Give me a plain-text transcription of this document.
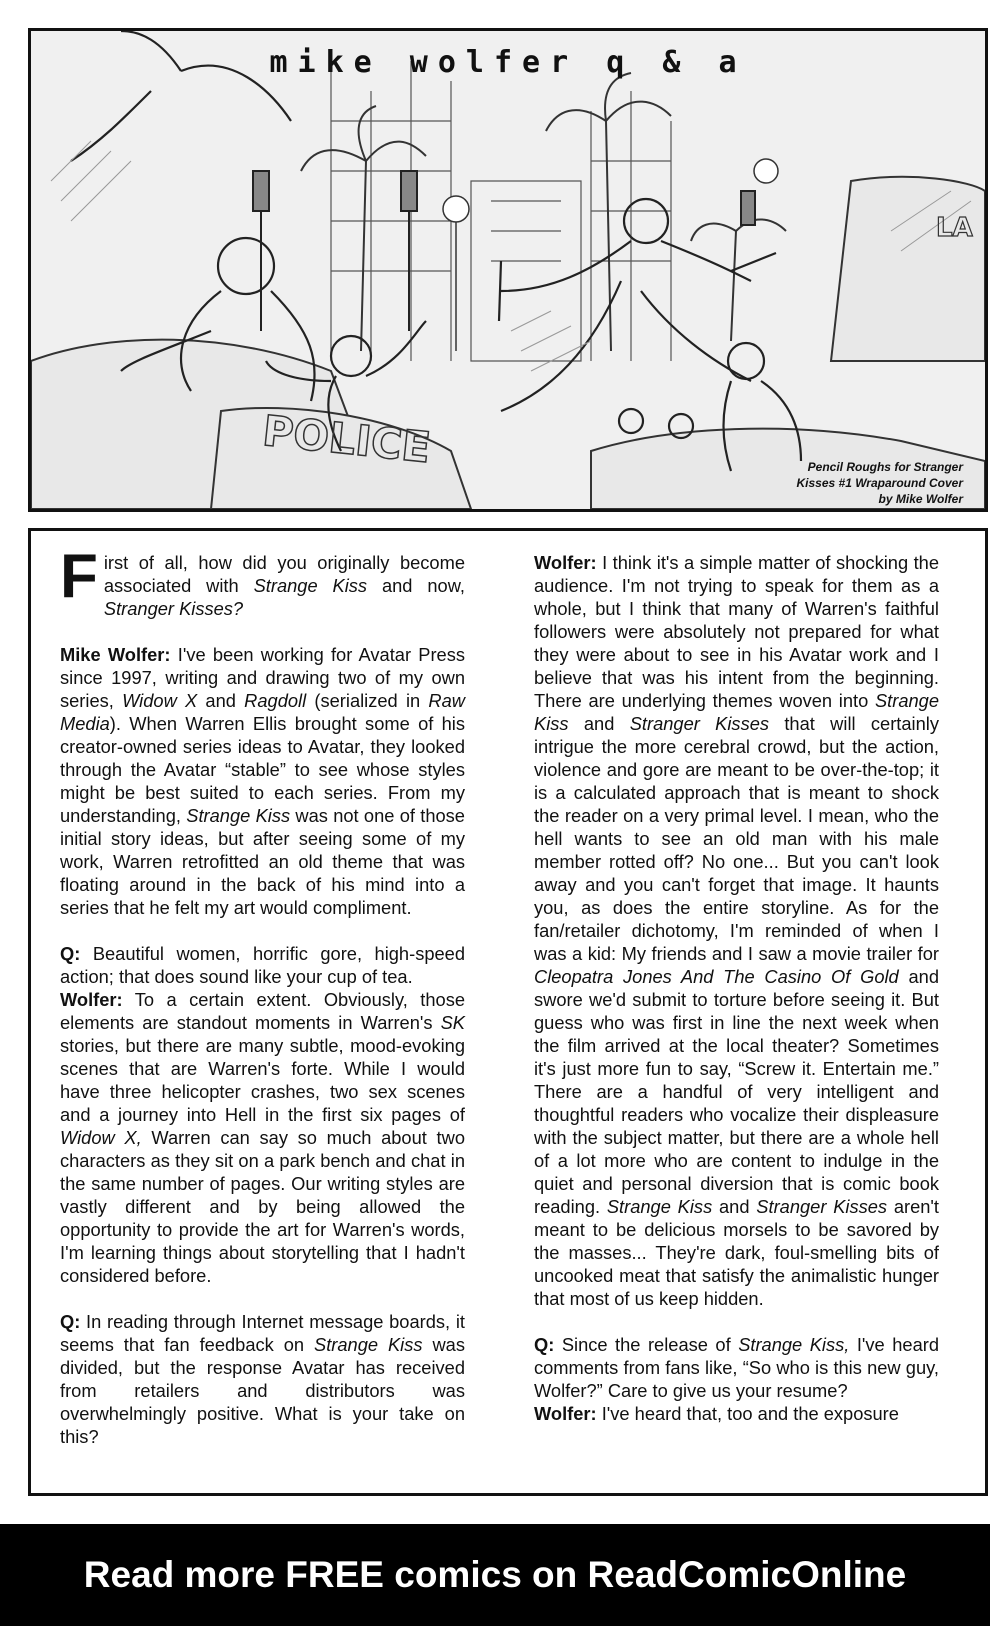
POLICE
LA
mike wolfer q & a
Pencil Roughs for Stranger
Kisses #1 Wraparound Cover
by Mike Wolfer

First of all, how did you originally become associated with Strange Kiss and now, Stranger Kisses?

Mike Wolfer: I've been working for Avatar Press since 1997, writing and drawing two of my own series, Widow X and Ragdoll (serialized in Raw Media). When Warren Ellis brought some of his creator-owned series ideas to Avatar, they looked through the Avatar “stable” to see whose styles might be best suited to each series. From my understanding, Strange Kiss was not one of those initial story ideas, but after seeing some of my work, Warren retrofitted an old theme that was floating around in the back of his mind into a series that he felt my art would compliment.

Q: Beautiful women, horrific gore, high-speed action; that does sound like your cup of tea.

Wolfer: To a certain extent. Obviously, those elements are standout moments in Warren's SK stories, but there are many subtle, mood-evoking scenes that are Warren's forte. While I would have three helicopter crashes, two sex scenes and a journey into Hell in the first six pages of Widow X, Warren can say so much about two characters as they sit on a park bench and chat in the same number of pages. Our writing styles are vastly different and by being allowed the opportunity to provide the art for Warren's words, I'm learning things about storytelling that I hadn't considered before.

Q: In reading through Internet message boards, it seems that fan feedback on Strange Kiss was divided, but the response Avatar has received from retailers and distributors was overwhelmingly positive. What is your take on this?

Wolfer: I think it's a simple matter of shocking the audience. I'm not trying to speak for them as a whole, but I think that many of Warren's faithful followers were absolutely not prepared for what they were about to see in his Avatar work and I believe that was his intent from the beginning. There are underlying themes woven into Strange Kiss and Stranger Kisses that will certainly intrigue the more cerebral crowd, but the action, violence and gore are meant to be over-the-top; it is a calculated approach that is meant to shock the reader on a very primal level. I mean, who the hell wants to see an old man with his male member rotted off? No one... But you can't look away and you can't forget that image. It haunts you, as does the entire storyline. As for the fan/retailer dichotomy, I'm reminded of when I was a kid: My friends and I saw a movie trailer for Cleopatra Jones And The Casino Of Gold and swore we'd submit to torture before seeing it. But guess who was first in line the next week when the film arrived at the local theater? Sometimes it's just more fun to say, “Screw it. Entertain me.” There are a handful of very intelligent and thoughtful readers who vocalize their displeasure with the subject matter, but there are a whole hell of a lot more who are content to indulge in the quiet and personal diversion that is comic book reading. Strange Kiss and Stranger Kisses aren't meant to be delicious morsels to be savored by the masses... They're dark, foul-smelling bits of uncooked meat that satisfy the animalistic hunger that most of us keep hidden.

Q: Since the release of Strange Kiss, I've heard comments from fans like, “So who is this new guy, Wolfer?” Care to give us your resume?

Wolfer: I've heard that, too and the exposure

Read more FREE comics on ReadComicOnline
